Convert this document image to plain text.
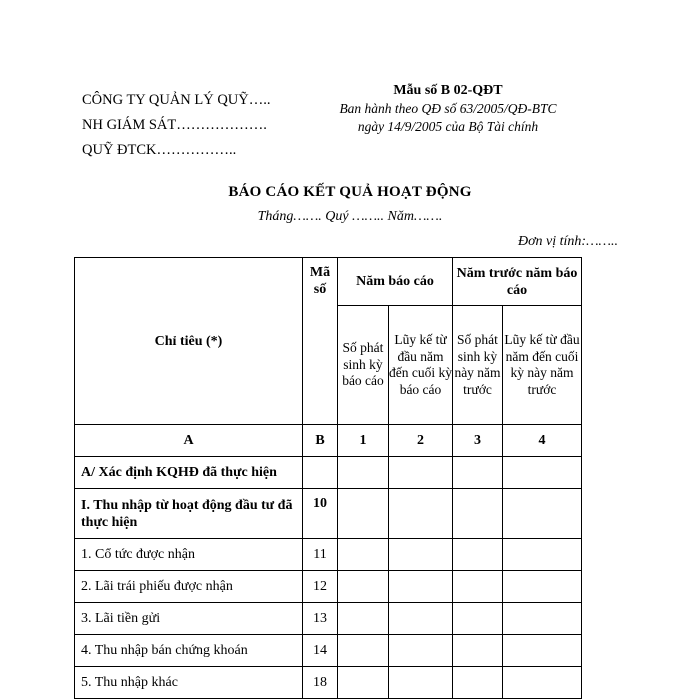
CÔNG TY QUẢN LÝ QUỸ…..
NH GIÁM SÁT……………….
QUỸ ĐTCK……………..
Mẫu số B 02-QĐT
Ban hành theo QĐ số 63/2005/QĐ-BTC
ngày 14/9/2005 của Bộ Tài chính
BÁO CÁO KẾT QUẢ HOẠT ĐỘNG
Tháng……. Quý …….. Năm…….
Đơn vị tính:……..
Chỉ tiêu (*)	Mã số	Năm báo cáo		Năm trước năm báo cáo	
		Số phát sinh kỳ báo cáo	Lũy kế từ đầu năm đến cuối kỳ báo cáo	Số phát sinh kỳ này năm trước	Lũy kế từ đầu năm đến cuối kỳ này năm trước
A	B	1	2	3	4
A/ Xác định KQHĐ đã thực hiện					
I. Thu nhập từ hoạt động đầu tư đã thực hiện	10				
1. Cổ tức được nhận	11				
2. Lãi trái phiếu được nhận	12				
3. Lãi tiền gửi	13				
4. Thu nhập bán chứng khoán	14				
5. Thu nhập khác	18				
